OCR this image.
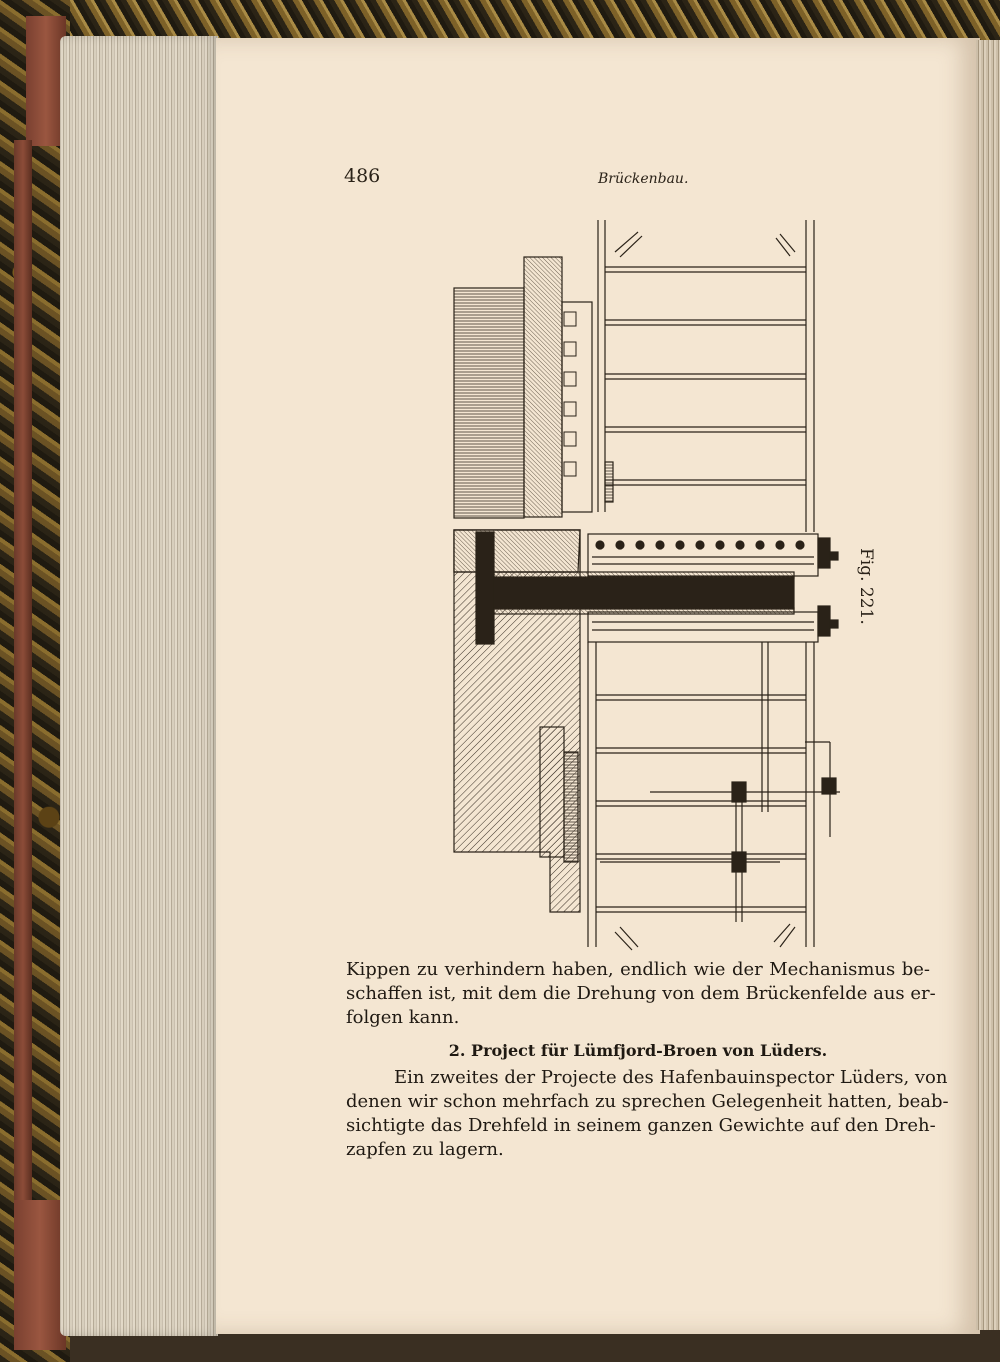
486	Brückenbau.
Fig. 221.
Kippen zu verhindern haben, endlich wie der Mechanismus be-
schaffen ist, mit dem die Drehung von dem Brückenfelde aus er-
folgen kann.
2. Project für Lümfjord-Broen von Lüders.
Ein zweites der Projecte des Hafenbauinspector Lüders, von
denen wir schon mehrfach zu sprechen Gelegenheit hatten, beab-
sichtigte das Drehfeld in seinem ganzen Gewichte auf den Dreh-
zapfen zu lagern.
